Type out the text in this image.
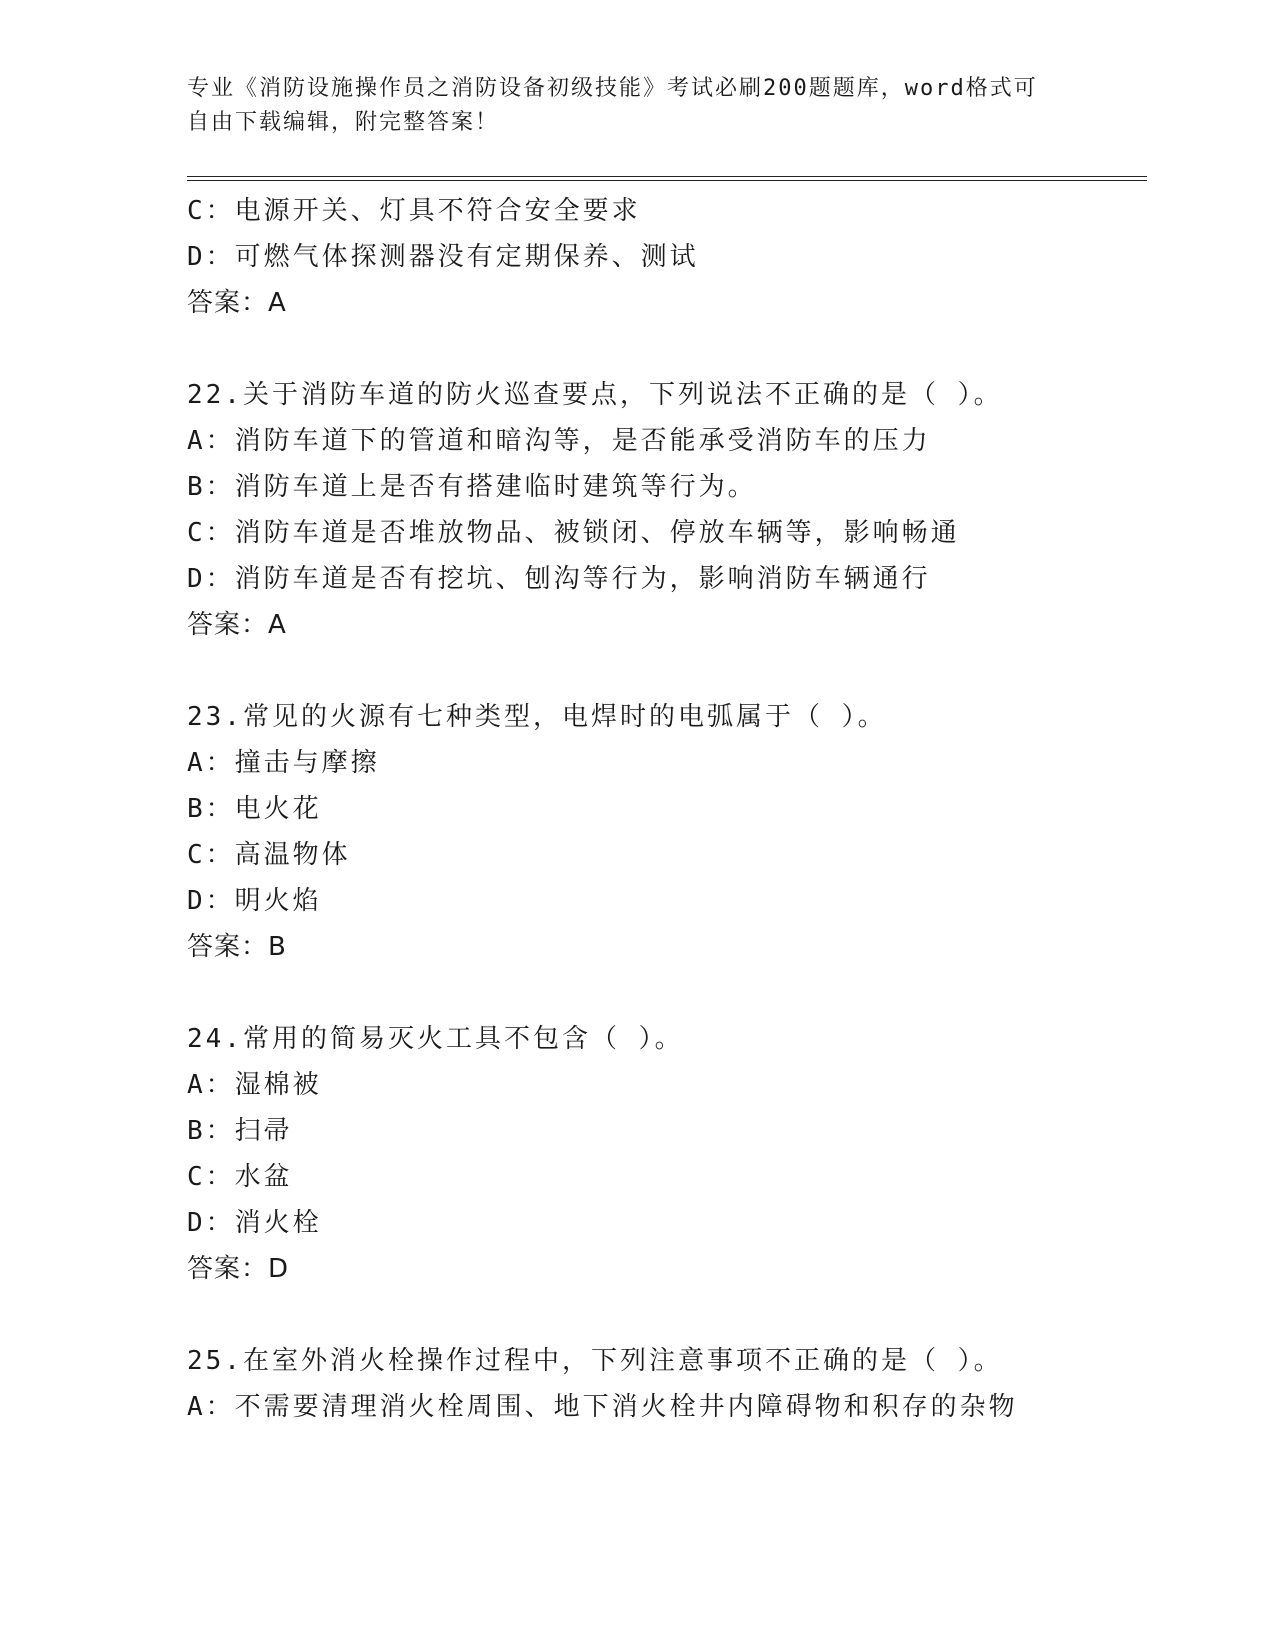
专业《消防设施操作员之消防设备初级技能》考试必刷200题题库，word格式可
自由下载编辑，附完整答案！
C：电源开关、灯具不符合安全要求
D：可燃气体探测器没有定期保养、测试
答案：A
22.关于消防车道的防火巡查要点，下列说法不正确的是（ ）。
A：消防车道下的管道和暗沟等，是否能承受消防车的压力
B：消防车道上是否有搭建临时建筑等行为。
C：消防车道是否堆放物品、被锁闭、停放车辆等，影响畅通
D：消防车道是否有挖坑、刨沟等行为，影响消防车辆通行
答案：A
23.常见的火源有七种类型，电焊时的电弧属于（ ）。
A：撞击与摩擦
B：电火花
C：高温物体
D：明火焰
答案：B
24.常用的简易灭火工具不包含（ ）。
A：湿棉被
B：扫帚
C：水盆
D：消火栓
答案：D
25.在室外消火栓操作过程中，下列注意事项不正确的是（ ）。
A：不需要清理消火栓周围、地下消火栓井内障碍物和积存的杂物
